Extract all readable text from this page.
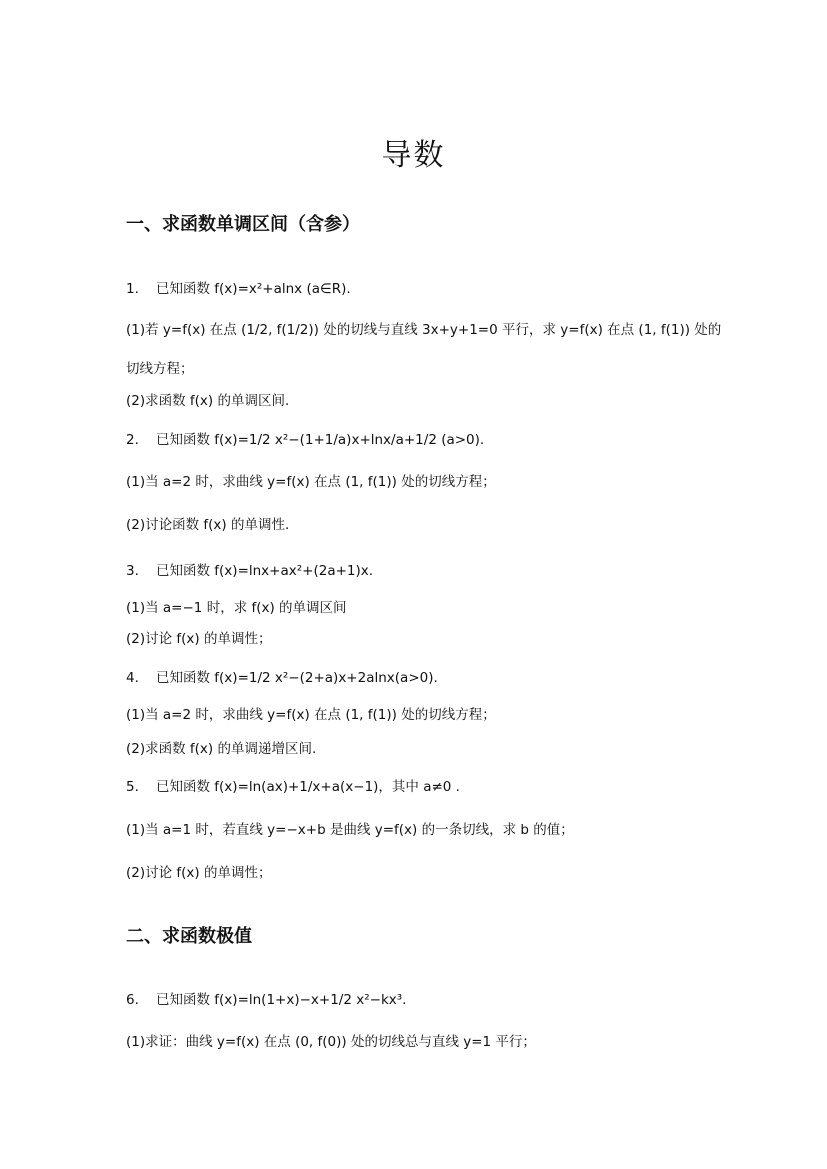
导数
一、求函数单调区间（含参）
1. 已知函数 f(x)=x²+alnx (a∈R).
(1)若 y=f(x) 在点 (1/2, f(1/2)) 处的切线与直线 3x+y+1=0 平行，求 y=f(x) 在点 (1, f(1)) 处的
切线方程；
(2)求函数 f(x) 的单调区间.
2. 已知函数 f(x)=1/2 x²−(1+1/a)x+lnx/a+1/2 (a>0).
(1)当 a=2 时，求曲线 y=f(x) 在点 (1, f(1)) 处的切线方程；
(2)讨论函数 f(x) 的单调性.
3. 已知函数 f(x)=lnx+ax²+(2a+1)x.
(1)当 a=−1 时，求 f(x) 的单调区间
(2)讨论 f(x) 的单调性；
4. 已知函数 f(x)=1/2 x²−(2+a)x+2alnx(a>0).
(1)当 a=2 时，求曲线 y=f(x) 在点 (1, f(1)) 处的切线方程；
(2)求函数 f(x) 的单调递增区间.
5. 已知函数 f(x)=ln(ax)+1/x+a(x−1)，其中 a≠0 .
(1)当 a=1 时，若直线 y=−x+b 是曲线 y=f(x) 的一条切线，求 b 的值；
(2)讨论 f(x) 的单调性；
二、求函数极值
6. 已知函数 f(x)=ln(1+x)−x+1/2 x²−kx³.
(1)求证：曲线 y=f(x) 在点 (0, f(0)) 处的切线总与直线 y=1 平行；
